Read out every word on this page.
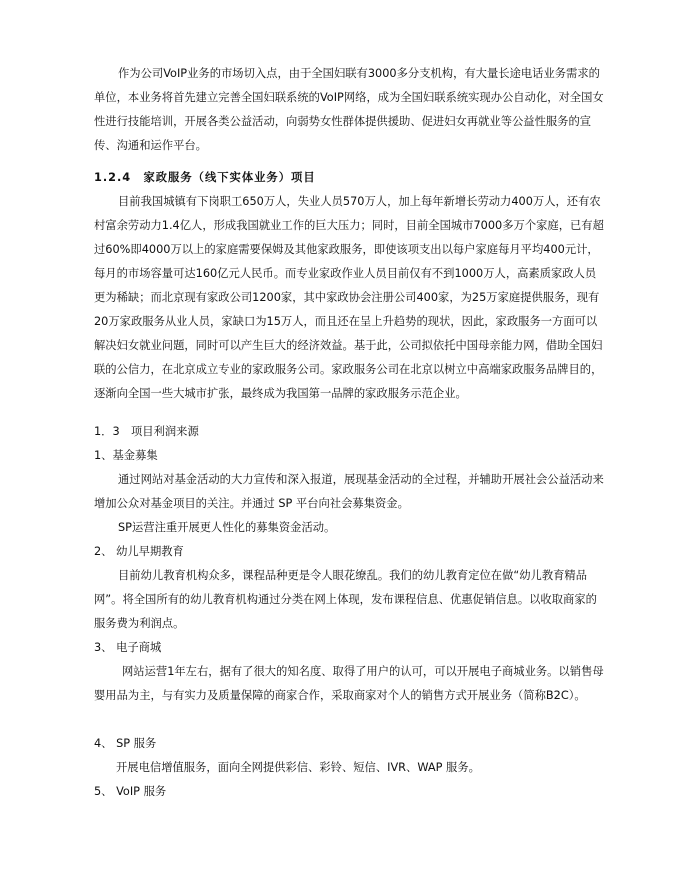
作为公司VoIP业务的市场切入点，由于全国妇联有3000多分支机构，有大量长途电话业务需求的单位，本业务将首先建立完善全国妇联系统的VoIP网络，成为全国妇联系统实现办公自动化，对全国女性进行技能培训，开展各类公益活动，向弱势女性群体提供援助、促进妇女再就业等公益性服务的宣传、沟通和运作平台。

1.2.4　家政服务（线下实体业务）项目

目前我国城镇有下岗职工650万人，失业人员570万人，加上每年新增长劳动力400万人，还有农村富余劳动力1.4亿人，形成我国就业工作的巨大压力；同时，目前全国城市7000多万个家庭，已有超过60%即4000万以上的家庭需要保姆及其他家政服务，即使该项支出以每户家庭每月平均400元计，每月的市场容量可达160亿元人民币。而专业家政作业人员目前仅有不到1000万人，高素质家政人员更为稀缺；而北京现有家政公司1200家，其中家政协会注册公司400家，为25万家庭提供服务，现有20万家政服务从业人员，家缺口为15万人，而且还在呈上升趋势的现状，因此，家政服务一方面可以解决妇女就业问题，同时可以产生巨大的经济效益。基于此，公司拟依托中国母亲能力网，借助全国妇联的公信力，在北京成立专业的家政服务公司。家政服务公司在北京以树立中高端家政服务品牌目的，逐渐向全国一些大城市扩张，最终成为我国第一品牌的家政服务示范企业。

1．3　项目利润来源

1、基金募集

通过网站对基金活动的大力宣传和深入报道，展现基金活动的全过程，并辅助开展社会公益活动来增加公众对基金项目的关注。并通过 SP 平台向社会募集资金。

SP运营注重开展更人性化的募集资金活动。

2、 幼儿早期教育

目前幼儿教育机构众多，课程品种更是令人眼花缭乱。我们的幼儿教育定位在做“幼儿教育精品网”。将全国所有的幼儿教育机构通过分类在网上体现，发布课程信息、优惠促销信息。以收取商家的服务费为利润点。

3、 电子商城

网站运营1年左右，据有了很大的知名度、取得了用户的认可，可以开展电子商城业务。以销售母婴用品为主，与有实力及质量保障的商家合作，采取商家对个人的销售方式开展业务（简称B2C）。

4、 SP 服务

开展电信增值服务，面向全网提供彩信、彩铃、短信、IVR、WAP 服务。

5、 VoIP 服务
